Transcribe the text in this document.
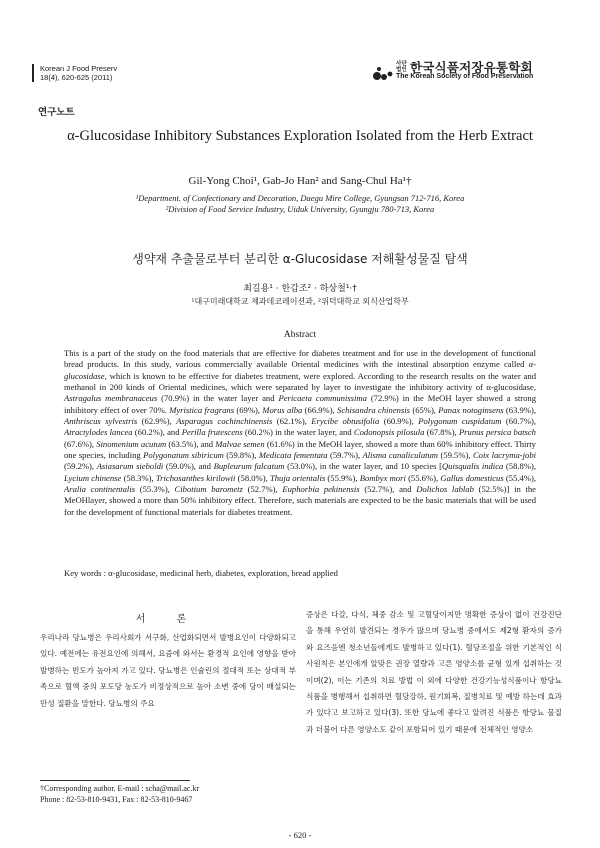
Korean J Food Preserv
18(4), 620-625 (2011)
사단 법인 한국식품저장유통학회
The Korean Society of Food Preservation
연구노트
α-Glucosidase Inhibitory Substances Exploration Isolated from the Herb Extract
Gil-Yong Choi¹, Gab-Jo Han² and Sang-Chul Ha¹†
¹Department. of Confectionary and Decoration, Daegu Mire College, Gyungsan 712-716, Korea
²Division of Food Service Industry, Uiduk University, Gyungju 780-713, Korea
생약재 추출물로부터 분리한 α-Glucosidase 저해활성물질 탐색
최길용¹ · 한갑조² · 하상철¹·†
¹대구미래대학교 제과데코레이션과, ²위덕대학교 외식산업학부
Abstract
This is a part of the study on the food materials that are effective for diabetes treatment and for use in the development of functional bread products. In this study, various commercially available Oriental medicines with the intestinal absorption enzyme called α-glucosidase, which is known to be effective for diabetes treatment, were explored. According to the research results on the water and methanol in 200 kinds of Oriental medicines, which were separated by layer to investigate the inhibitory activity of α-glucosidase, Astragalus membranaceus (70.9%) in the water layer and Pericaeta communissima (72.9%) in the MeOH layer showed a strong inhibitory effect of over 70%. Myristica fragrans (69%), Morus alba (66.9%), Schisandra chinensis (65%), Panax notoginsens (63.9%), Anthriscus sylvestris (62.9%), Asparagus cochinchinensis (62.1%), Erycibe obtusifolia (60.9%), Polygonum cuspidatum (60.7%), Atractylodes lancea (60.2%), and Perilla frutescens (60.2%) in the water layer, and Codonopsis pilosula (67.8%), Prunus persica batsch (67.6%), Sinomenium acutum (63.5%), and Malvae semen (61.6%) in the MeOH layer, showed a more than 60% inhibitory effect. Thirty one species, including Polygonatum sibiricum (59.8%), Medicata fementata (59.7%), Alisma canaliculatum (59.5%), Coix lacryma-jobi (59.2%), Asiasarum sieboldi (59.0%), and Bupleurum falcatum (53.0%), in the water layer, and 10 species [Quisqualis indica (58.8%), Lycium chinense (58.3%), Trichosanthes kirilowii (58.0%), Thuja orientalis (55.9%), Bombyx mori (55.6%), Gallus domesticus (55.4%), Aralia continentalis (55.3%), Cibotium barometz (52.7%), Euphorbia pekinensis (52.7%), and Dolichos lablab (52.5%)] in the MeOHlayer, showed a more than 50% inhibitory effect. Therefore, such materials are expected to be the basic materials that will be used for the development of functional materials for diabetes treatment.
Key words : α-glucosidase, medicinal herb, diabetes, exploration, bread applied
서 론
우리나라 당뇨병은 우리사회가 서구화, 산업화되면서 발병요인이 다양화되고 있다. 예전에는 유전요인에 의해서, 요즘에 와서는 환경적 요인에 영향을 받아 발병하는 빈도가 높아져 가고 있다. 당뇨병은 인슐린의 절대적 또는 상대적 부족으로 혈액 중의 포도당 농도가 비정상적으로 높아 소변 중에 당이 배설되는 만성 질환을 말한다. 당뇨병의 주요
증상은 다갈, 다식, 체중 감소 및 고혈당이지만 명확한 증상이 없이 건강진단을 통해 우연히 발견되는 경우가 많으며 당뇨병 중에서도 제2형 환자의 증가와 요즈음엔 청소년들에게도 발병하고 있다(1). 혈당조절을 위한 기본적인 식사원칙은 본인에게 알맞은 권장 열량과 고른 영양소를 균형 있게 섭취하는 것이며(2), 이는 기존의 치료 방법 이 외에 다양한 건강기능성식품이나 항당뇨 식품을 병행해서 섭취하면 혈당강하, 원기회복, 질병치료 및 예방 하는데 효과가 있다고 보고하고 있다(3). 또한 당뇨에 좋다고 알려진 식품은 항당뇨 물질과 더불어 다른 영양소도 같이 포함되어 있기 때문에 전체적인 영양소
†Corresponding author. E-mail : scha@mail.ac.kr
Phone : 82-53-810-9431, Fax : 82-53-810-9467
- 620 -
